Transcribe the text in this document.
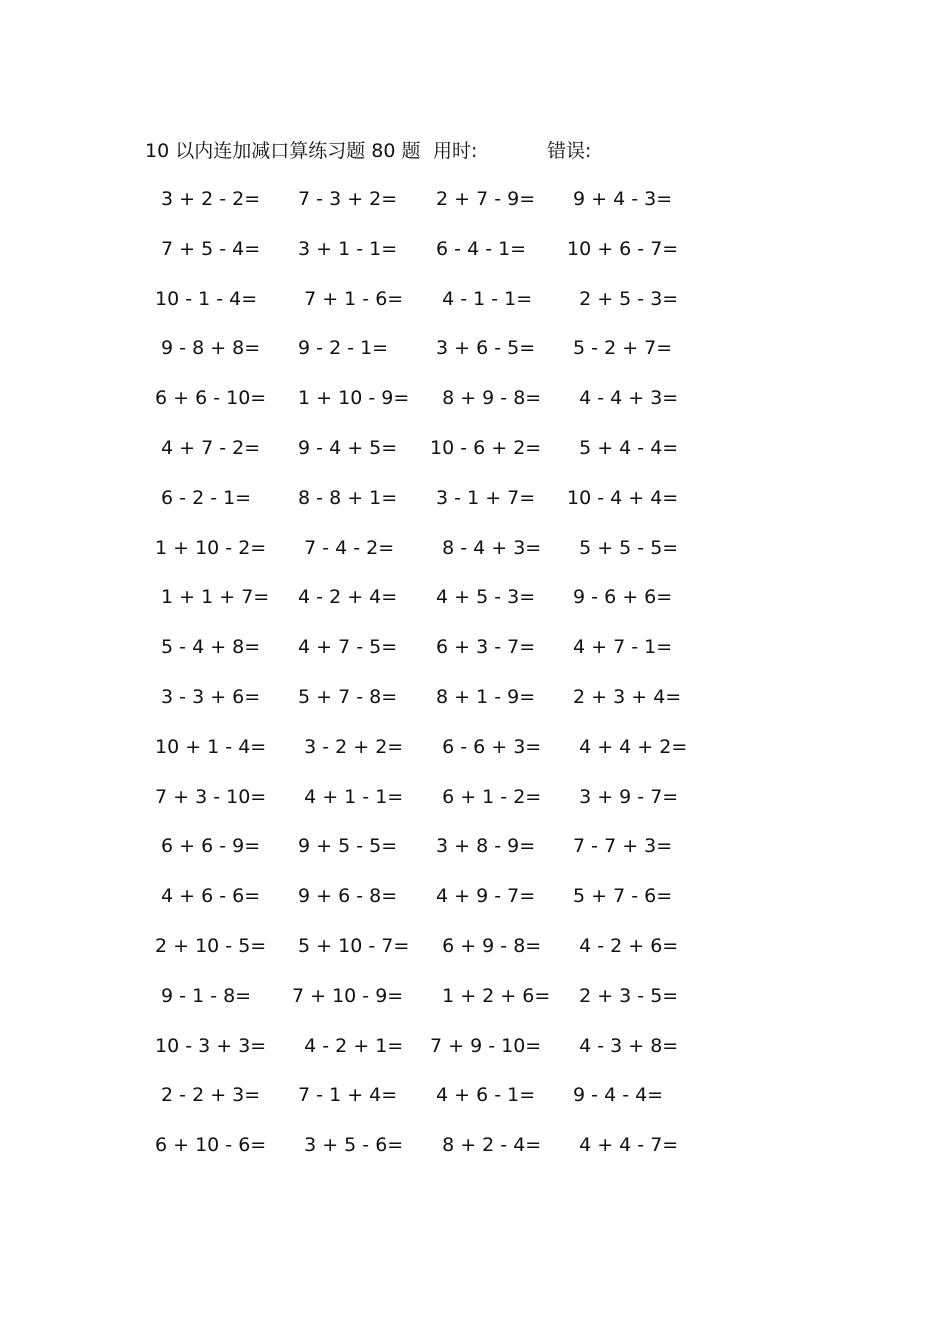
10 以内连加减口算练习题 80 题 用时:	错误:
3 + 2 - 2= 7 - 3 + 2= 2 + 7 - 9= 9 + 4 - 3=
7 + 5 - 4= 3 + 1 - 1= 6 - 4 - 1= 10 + 6 - 7=
10 - 1 - 4= 7 + 1 - 6= 4 - 1 - 1= 2 + 5 - 3=
9 - 8 + 8= 9 - 2 - 1= 3 + 6 - 5= 5 - 2 + 7=
6 + 6 - 10= 1 + 10 - 9= 8 + 9 - 8= 4 - 4 + 3=
4 + 7 - 2= 9 - 4 + 5= 10 - 6 + 2= 5 + 4 - 4=
6 - 2 - 1= 8 - 8 + 1= 3 - 1 + 7= 10 - 4 + 4=
1 + 10 - 2= 7 - 4 - 2= 8 - 4 + 3= 5 + 5 - 5=
1 + 1 + 7= 4 - 2 + 4= 4 + 5 - 3= 9 - 6 + 6=
5 - 4 + 8= 4 + 7 - 5= 6 + 3 - 7= 4 + 7 - 1=
3 - 3 + 6= 5 + 7 - 8= 8 + 1 - 9= 2 + 3 + 4=
10 + 1 - 4= 3 - 2 + 2= 6 - 6 + 3= 4 + 4 + 2=
7 + 3 - 10= 4 + 1 - 1= 6 + 1 - 2= 3 + 9 - 7=
6 + 6 - 9= 9 + 5 - 5= 3 + 8 - 9= 7 - 7 + 3=
4 + 6 - 6= 9 + 6 - 8= 4 + 9 - 7= 5 + 7 - 6=
2 + 10 - 5= 5 + 10 - 7= 6 + 9 - 8= 4 - 2 + 6=
9 - 1 - 8= 7 + 10 - 9= 1 + 2 + 6= 2 + 3 - 5=
10 - 3 + 3= 4 - 2 + 1= 7 + 9 - 10= 4 - 3 + 8=
2 - 2 + 3= 7 - 1 + 4= 4 + 6 - 1= 9 - 4 - 4=
6 + 10 - 6= 3 + 5 - 6= 8 + 2 - 4= 4 + 4 - 7=
